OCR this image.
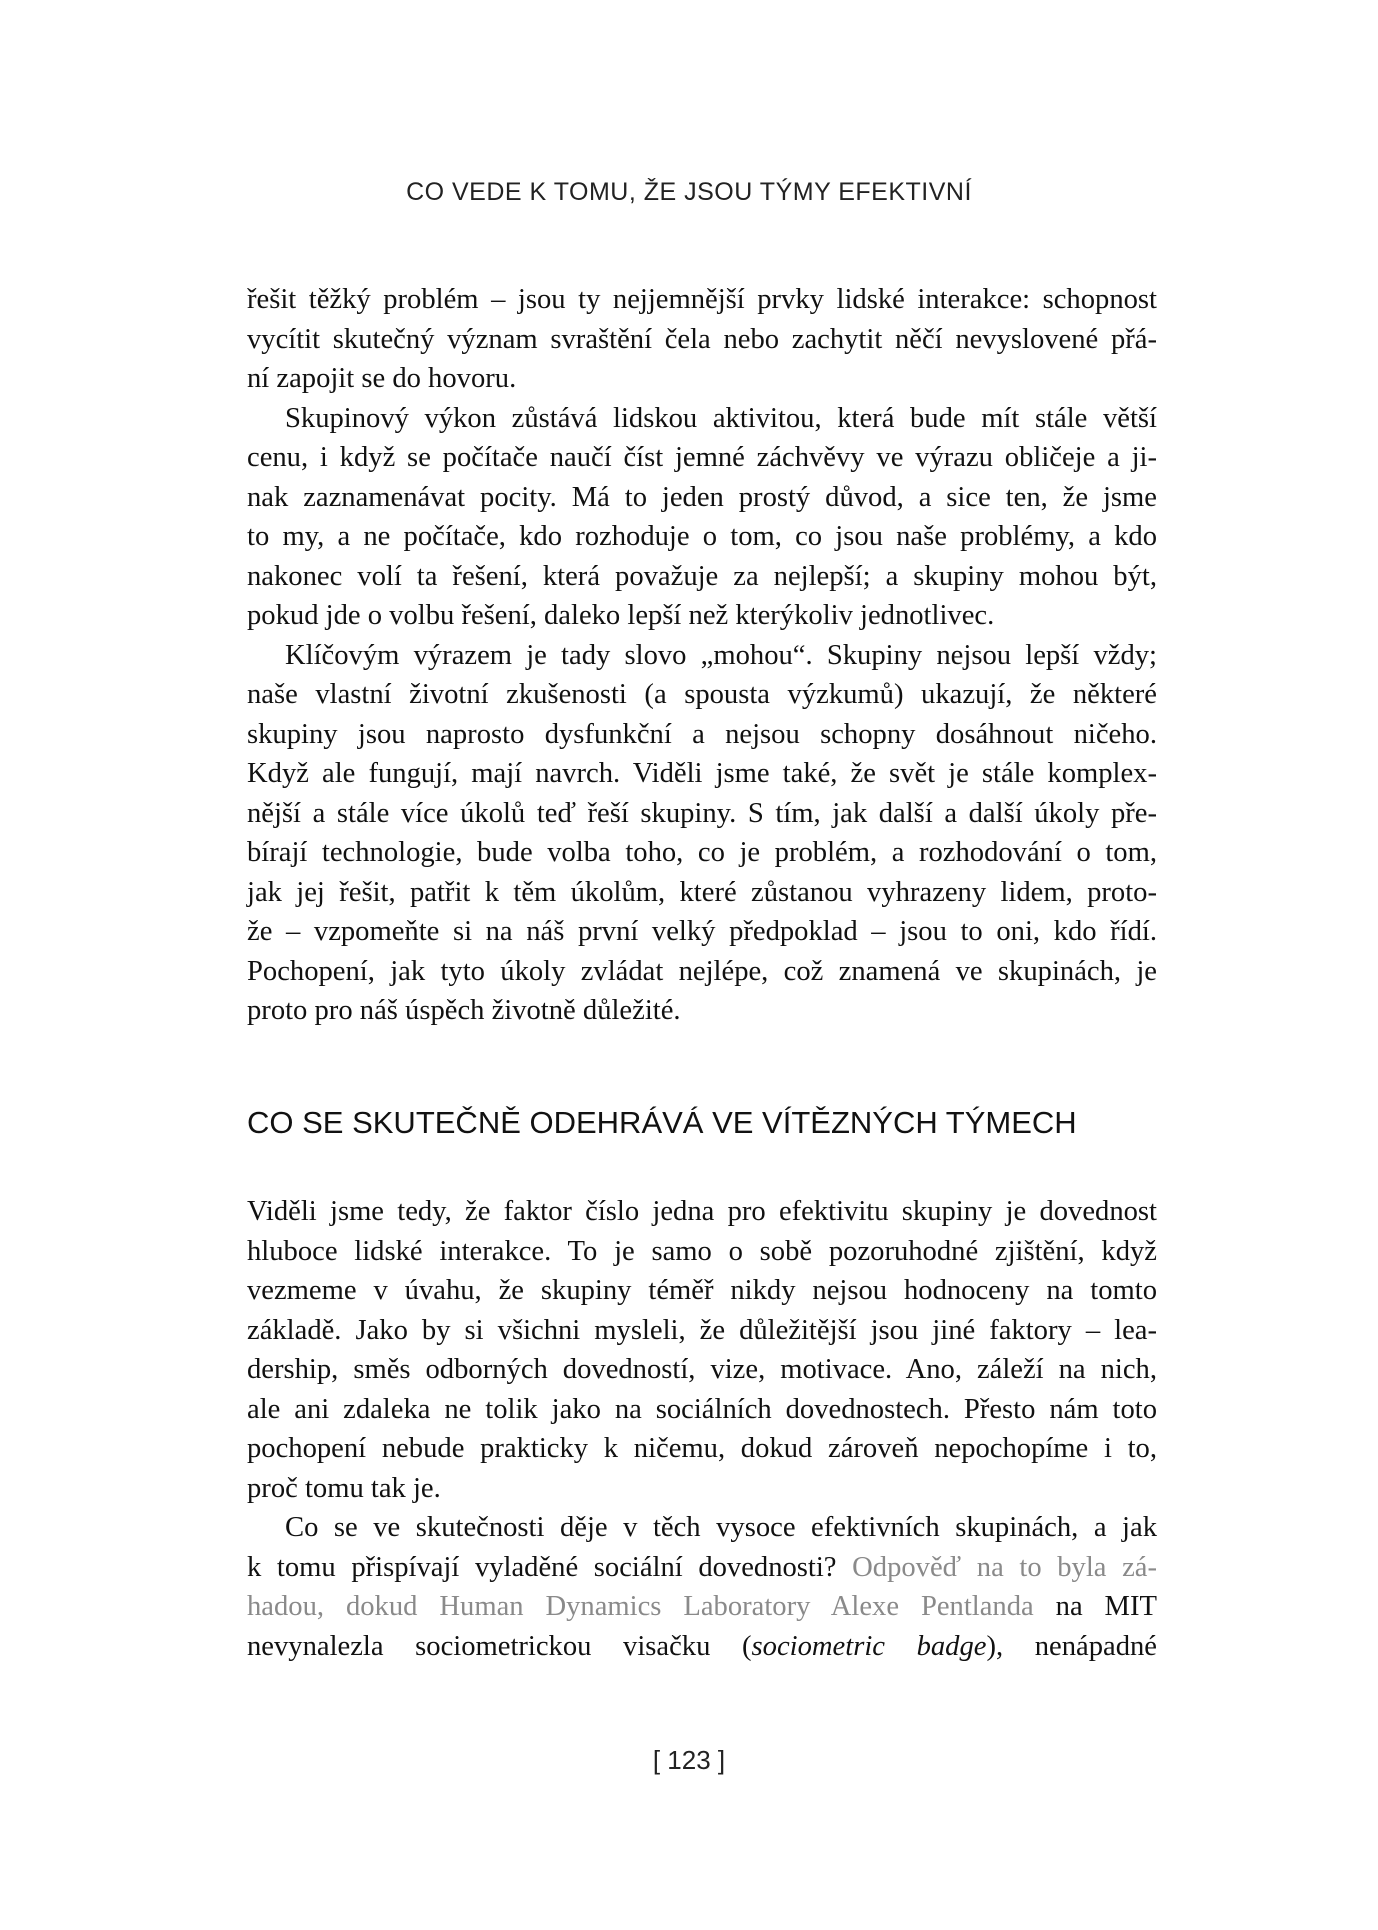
CO VEDE K TOMU, ŽE JSOU TÝMY EFEKTIVNÍ
řešit těžký problém – jsou ty nejjemnější prvky lidské interakce: schopnost
vycítit skutečný význam svraštění čela nebo zachytit něčí nevyslovené přá-
ní zapojit se do hovoru.
Skupinový výkon zůstává lidskou aktivitou, která bude mít stále větší
cenu, i když se počítače naučí číst jemné záchvěvy ve výrazu obličeje a ji-
nak zaznamenávat pocity. Má to jeden prostý důvod, a sice ten, že jsme
to my, a ne počítače, kdo rozhoduje o tom, co jsou naše problémy, a kdo
nakonec volí ta řešení, která považuje za nejlepší; a skupiny mohou být,
pokud jde o volbu řešení, daleko lepší než kterýkoliv jednotlivec.
Klíčovým výrazem je tady slovo „mohou“. Skupiny nejsou lepší vždy;
naše vlastní životní zkušenosti (a spousta výzkumů) ukazují, že některé
skupiny jsou naprosto dysfunkční a nejsou schopny dosáhnout ničeho.
Když ale fungují, mají navrch. Viděli jsme také, že svět je stále komplex-
nější a stále více úkolů teď řeší skupiny. S tím, jak další a další úkoly pře-
bírají technologie, bude volba toho, co je problém, a rozhodování o tom,
jak jej řešit, patřit k těm úkolům, které zůstanou vyhrazeny lidem, proto-
že – vzpomeňte si na náš první velký předpoklad – jsou to oni, kdo řídí.
Pochopení, jak tyto úkoly zvládat nejlépe, což znamená ve skupinách, je
proto pro náš úspěch životně důležité.
CO SE SKUTEČNĚ ODEHRÁVÁ VE VÍTĚZNÝCH TÝMECH
Viděli jsme tedy, že faktor číslo jedna pro efektivitu skupiny je dovednost
hluboce lidské interakce. To je samo o sobě pozoruhodné zjištění, když
vezmeme v úvahu, že skupiny téměř nikdy nejsou hodnoceny na tomto
základě. Jako by si všichni mysleli, že důležitější jsou jiné faktory – lea-
dership, směs odborných dovedností, vize, motivace. Ano, záleží na nich,
ale ani zdaleka ne tolik jako na sociálních dovednostech. Přesto nám toto
pochopení nebude prakticky k ničemu, dokud zároveň nepochopíme i to,
proč tomu tak je.
Co se ve skutečnosti děje v těch vysoce efektivních skupinách, a jak
k tomu přispívají vyladěné sociální dovednosti? Odpověď na to byla zá-
hadou, dokud Human Dynamics Laboratory Alexe Pentlanda na MIT
nevynalezla sociometrickou visačku (sociometric badge), nenápadné
[ 123 ]
